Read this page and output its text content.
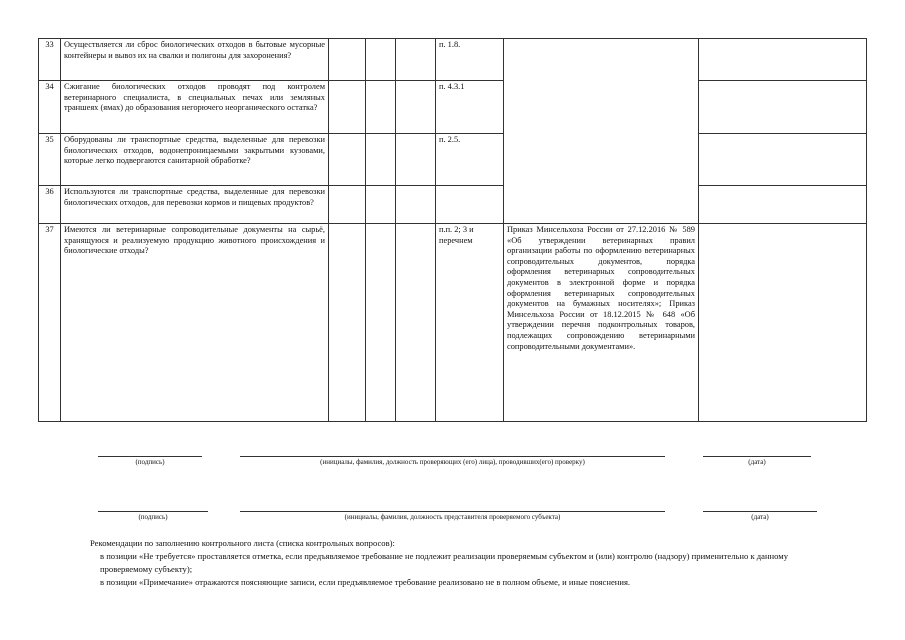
33	Осуществляется ли сброс биологических отходов в бытовые мусорные контейнеры и вывоз их на свалки и полигоны для захоронения?				п. 1.8.		
34	Сжигание биологических отходов проводят под контролем ветеринарного специалиста, в специальных печах или земляных траншеях (ямах) до образования негорючего неорганического остатка?				п. 4.3.1		
35	Оборудованы ли транспортные средства, выделенные для перевозки биологических отходов, водонепроницаемыми закрытыми кузовами, которые легко подвергаются санитарной обработке?				п. 2.5.		
36	Используются ли транспортные средства, выделенные для перевозки биологических отходов, для перевозки кормов и пищевых продуктов?						
37	Имеются ли ветеринарные сопроводительные документы на сырьё, хранящуюся и реализуемую продукцию животного происхождения и биологические отходы?				п.п. 2; 3 и перечнем	Приказ Минсельхоза России от 27.12.2016 № 589 «Об утверждении ветеринарных правил организации работы по оформлению ветеринарных сопроводительных документов, порядка оформления ветеринарных сопроводительных документов в электронной форме и порядка оформления ветеринарных сопроводительных документов на бумажных носителях»; Приказ Минсельхоза России от 18.12.2015 № 648 «Об утверждении перечня подконтрольных товаров, подлежащих сопровождению ветеринарными сопроводительными документами».	
(подпись)	(инициалы, фамилия, должность проверяющих (его) лица), проводивших(его) проверку)	(дата)
(подпись)	(инициалы, фамилия, должность представителя проверяемого субъекта)	(дата)

Рекомендации по заполнению контрольного листа (списка контрольных вопросов):

в позиции «Не требуется» проставляется отметка, если предъявляемое требование не подлежит реализации проверяемым субъектом и (или) контролю (надзору) применительно к данному проверяемому субъекту);

в позиции «Примечание» отражаются поясняющие записи, если предъявляемое требование реализовано не в полном объеме, и иные пояснения.
